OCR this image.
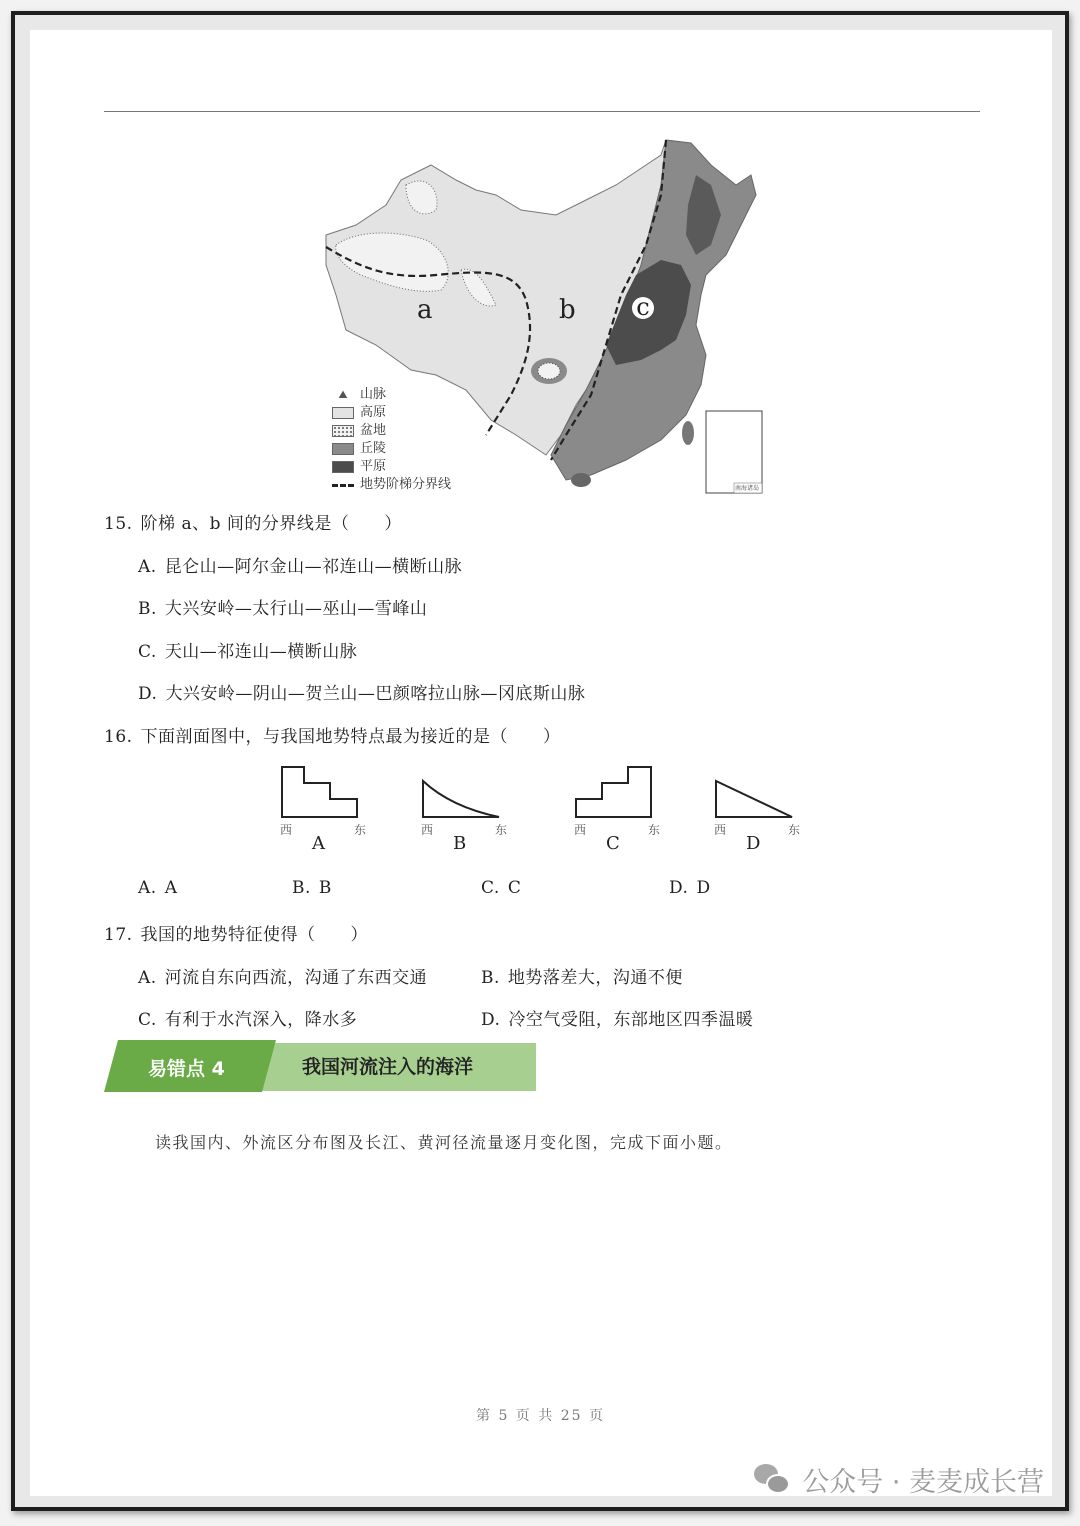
a	b	c
南海诸岛
⛰ 山脉
高原
盆地
丘陵
平原
地势阶梯分界线
15. 阶梯 a、b 间的分界线是（　　）
A. 昆仑山—阿尔金山—祁连山—横断山脉
B. 大兴安岭—太行山—巫山—雪峰山
C. 天山—祁连山—横断山脉
D. 大兴安岭—阴山—贺兰山—巴颜喀拉山脉—冈底斯山脉
16. 下面剖面图中，与我国地势特点最为接近的是（　　）
西	东
A
西	东
B
西	东
C
西	东
D
A. A	B. B	C. C	D. D
17. 我国的地势特征使得（　　）
A. 河流自东向西流，沟通了东西交通	B. 地势落差大，沟通不便
C. 有利于水汽深入，降水多	D. 冷空气受阻，东部地区四季温暖
易错点 4	我国河流注入的海洋
读我国内、外流区分布图及长江、黄河径流量逐月变化图，完成下面小题。
第 5 页 共 25 页
公众号 · 麦麦成长营
